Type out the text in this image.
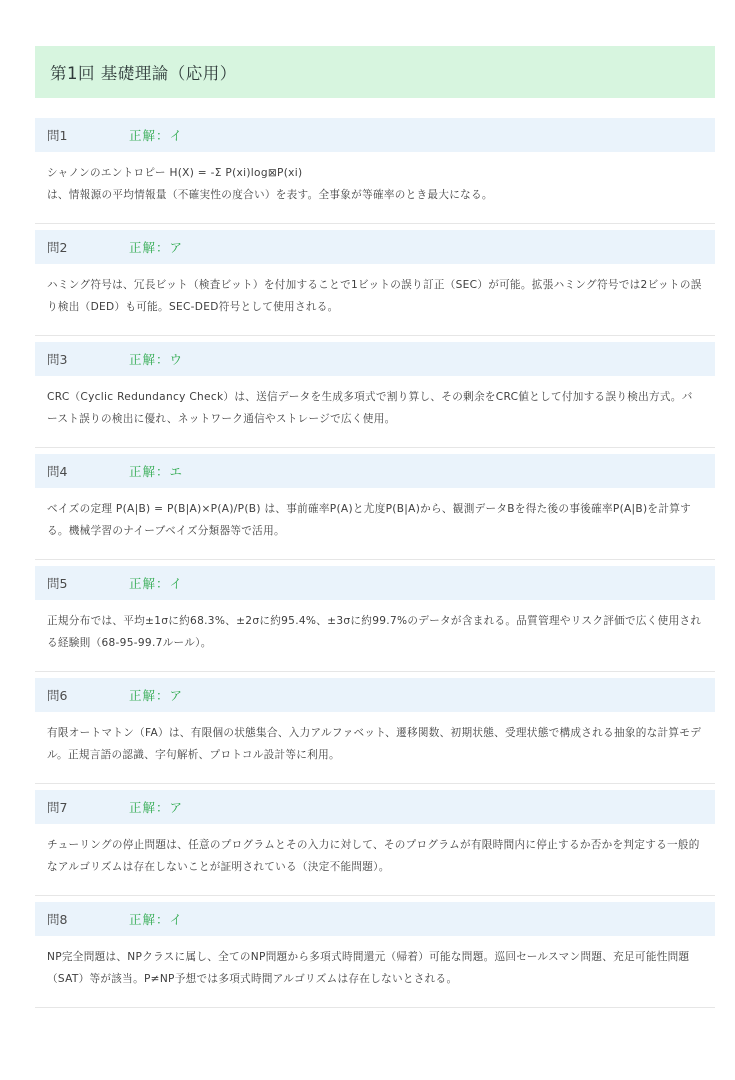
第1回 基礎理論（応用）
問1	正解：イ
シャノンのエントロピー H(X) = -Σ P(xi)log⊠P(xi)
は、情報源の平均情報量（不確実性の度合い）を表す。全事象が等確率のとき最大になる。
問2	正解：ア
ハミング符号は、冗長ビット（検査ビット）を付加することで1ビットの誤り訂正（SEC）が可能。拡張ハミング符号では2ビットの誤り検出（DED）も可能。SEC-DED符号として使用される。
問3	正解：ウ
CRC（Cyclic Redundancy Check）は、送信データを生成多項式で割り算し、その剰余をCRC値として付加する誤り検出方式。バースト誤りの検出に優れ、ネットワーク通信やストレージで広く使用。
問4	正解：エ
ベイズの定理 P(A|B) = P(B|A)×P(A)/P(B) は、事前確率P(A)と尤度P(B|A)から、観測データBを得た後の事後確率P(A|B)を計算する。機械学習のナイーブベイズ分類器等で活用。
問5	正解：イ
正規分布では、平均±1σに約68.3%、±2σに約95.4%、±3σに約99.7%のデータが含まれる。品質管理やリスク評価で広く使用される経験則（68-95-99.7ルール）。
問6	正解：ア
有限オートマトン（FA）は、有限個の状態集合、入力アルファベット、遷移関数、初期状態、受理状態で構成される抽象的な計算モデル。正規言語の認識、字句解析、プロトコル設計等に利用。
問7	正解：ア
チューリングの停止問題は、任意のプログラムとその入力に対して、そのプログラムが有限時間内に停止するか否かを判定する一般的なアルゴリズムは存在しないことが証明されている（決定不能問題）。
問8	正解：イ
NP完全問題は、NPクラスに属し、全てのNP問題から多項式時間還元（帰着）可能な問題。巡回セールスマン問題、充足可能性問題（SAT）等が該当。P≠NP予想では多項式時間アルゴリズムは存在しないとされる。
